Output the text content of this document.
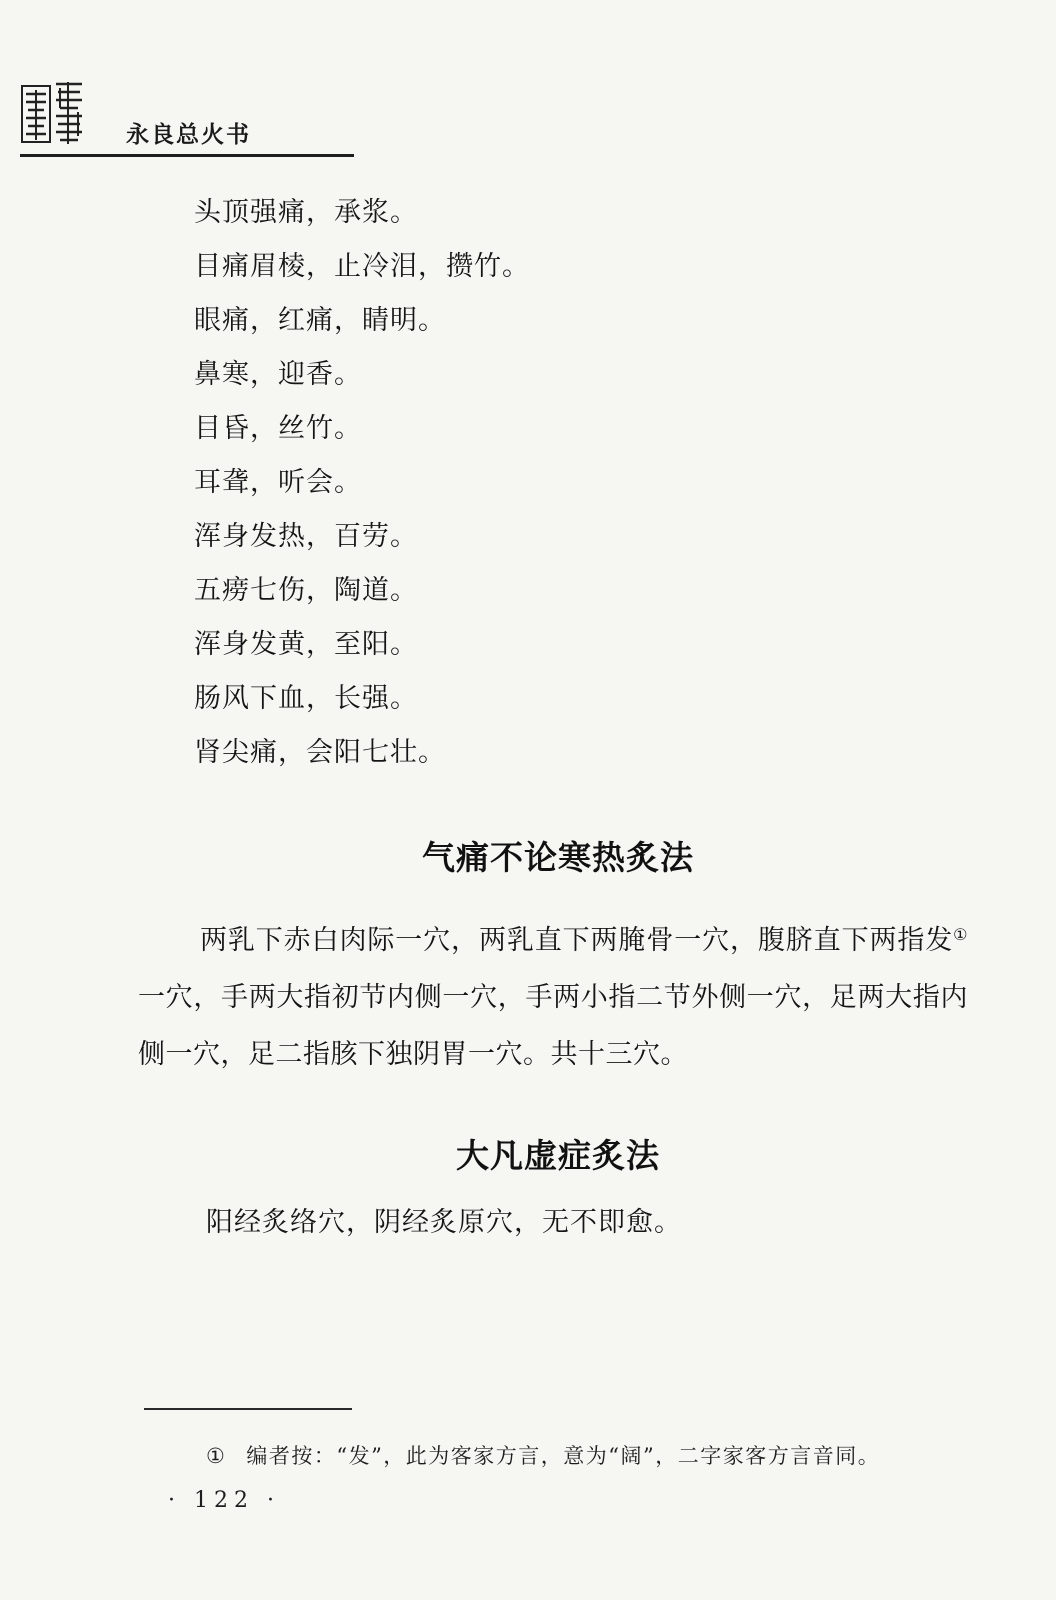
永良总火书
头顶强痛，承浆。
目痛眉棱，止冷泪，攒竹。
眼痛，红痛，睛明。
鼻寒，迎香。
目昏，丝竹。
耳聋，听会。
浑身发热，百劳。
五痨七伤，陶道。
浑身发黄，至阳。
肠风下血，长强。
肾尖痛，会阳七壮。
气痛不论寒热炙法

两乳下赤白肉际一穴，两乳直下两腌骨一穴，腹脐直下两指发①一穴，手两大指初节内侧一穴，手两小指二节外侧一穴，足两大指内侧一穴，足二指胲下独阴胃一穴。共十三穴。

大凡虚症炙法
阳经炙络穴，阴经炙原穴，无不即愈。
① 编者按：“发”，此为客家方言，意为“阔”，二字家客方言音同。
· 122 ·
